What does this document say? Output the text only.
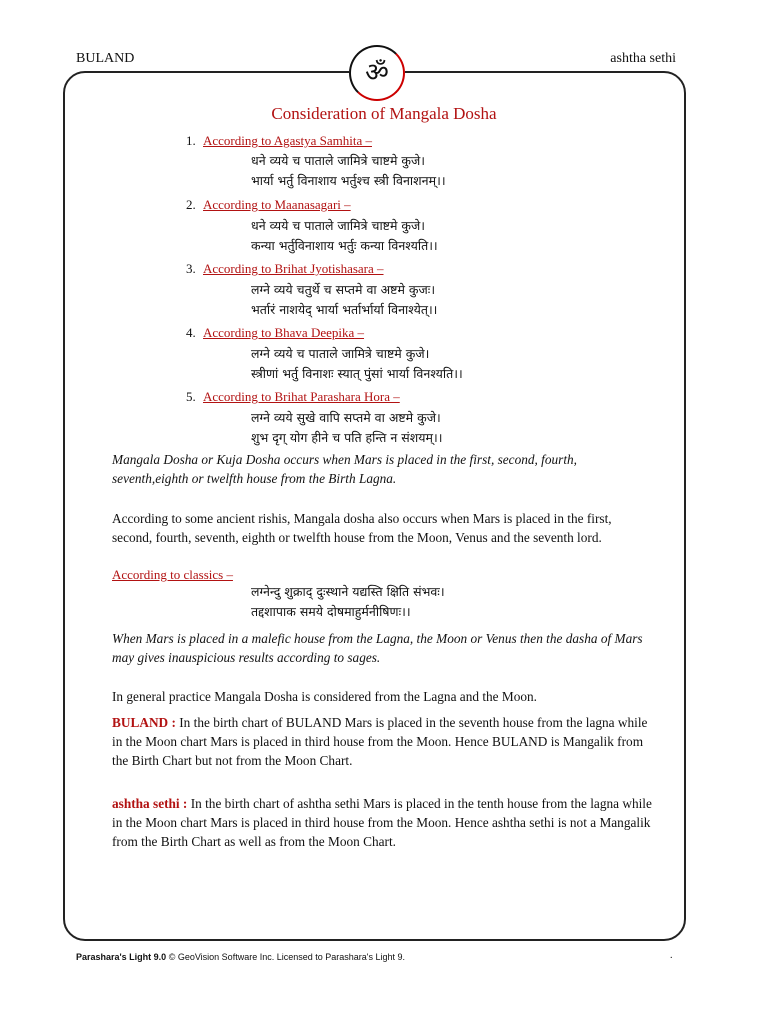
BULAND	ashtha sethi
ॐ
Consideration of Mangala Dosha
1. According to Agastya Samhita –
धने व्यये च पाताले जामित्रे चाष्टमे कुजे।
भार्या भर्तु विनाशाय भर्तुश्च स्त्री विनाशनम्।।
2. According to Maanasagari –
धने व्यये च पाताले जामित्रे चाष्टमे कुजे।
कन्या भर्तुविनाशाय भर्तुः कन्या विनश्यति।।
3. According to Brihat Jyotishasara –
लग्ने व्यये चतुर्थे च सप्तमे वा अष्टमे कुजः।
भर्तारं नाशयेद् भार्या भर्तार्भार्या विनाश्येत्।।
4. According to Bhava Deepika –
लग्ने व्यये च पाताले जामित्रे चाष्टमे कुजे।
स्त्रीणां भर्तु विनाशः स्यात् पुंसां भार्या विनश्यति।।
5. According to Brihat Parashara Hora –
लग्ने व्यये सुखे वापि सप्तमे वा अष्टमे कुजे।
शुभ दृग् योग हीने च पति हन्ति न संशयम्।।
Mangala Dosha or Kuja Dosha occurs when Mars is placed in the first, second, fourth, seventh,eighth or twelfth house from the Birth Lagna.
According to some ancient rishis, Mangala dosha also occurs when Mars is placed in the first, second, fourth, seventh, eighth or twelfth house from the Moon, Venus and the seventh lord.
According to classics –
लग्नेन्दु शुक्राद् दुःस्थाने यद्यस्ति क्षिति संभवः।
तद्दशापाक समये दोषमाहुर्मनीषिणः।।
When Mars is placed in a malefic house from the Lagna, the Moon or Venus then the dasha of Mars may gives inauspicious results according to sages.
In general practice Mangala Dosha is considered from the Lagna and the Moon.
BULAND : In the birth chart of BULAND Mars is placed in the seventh house from the lagna while in the Moon chart Mars is placed in third house from the Moon. Hence BULAND is Mangalik from the Birth Chart but not from the Moon Chart.
ashtha sethi : In the birth chart of ashtha sethi Mars is placed in the tenth house from the lagna while in the Moon chart Mars is placed in third house from the Moon. Hence ashtha sethi is not a Mangalik from the Birth Chart as well as from the Moon Chart.
Parashara's Light 9.0 © GeoVision Software Inc. Licensed to Parashara's Light 9.	.
